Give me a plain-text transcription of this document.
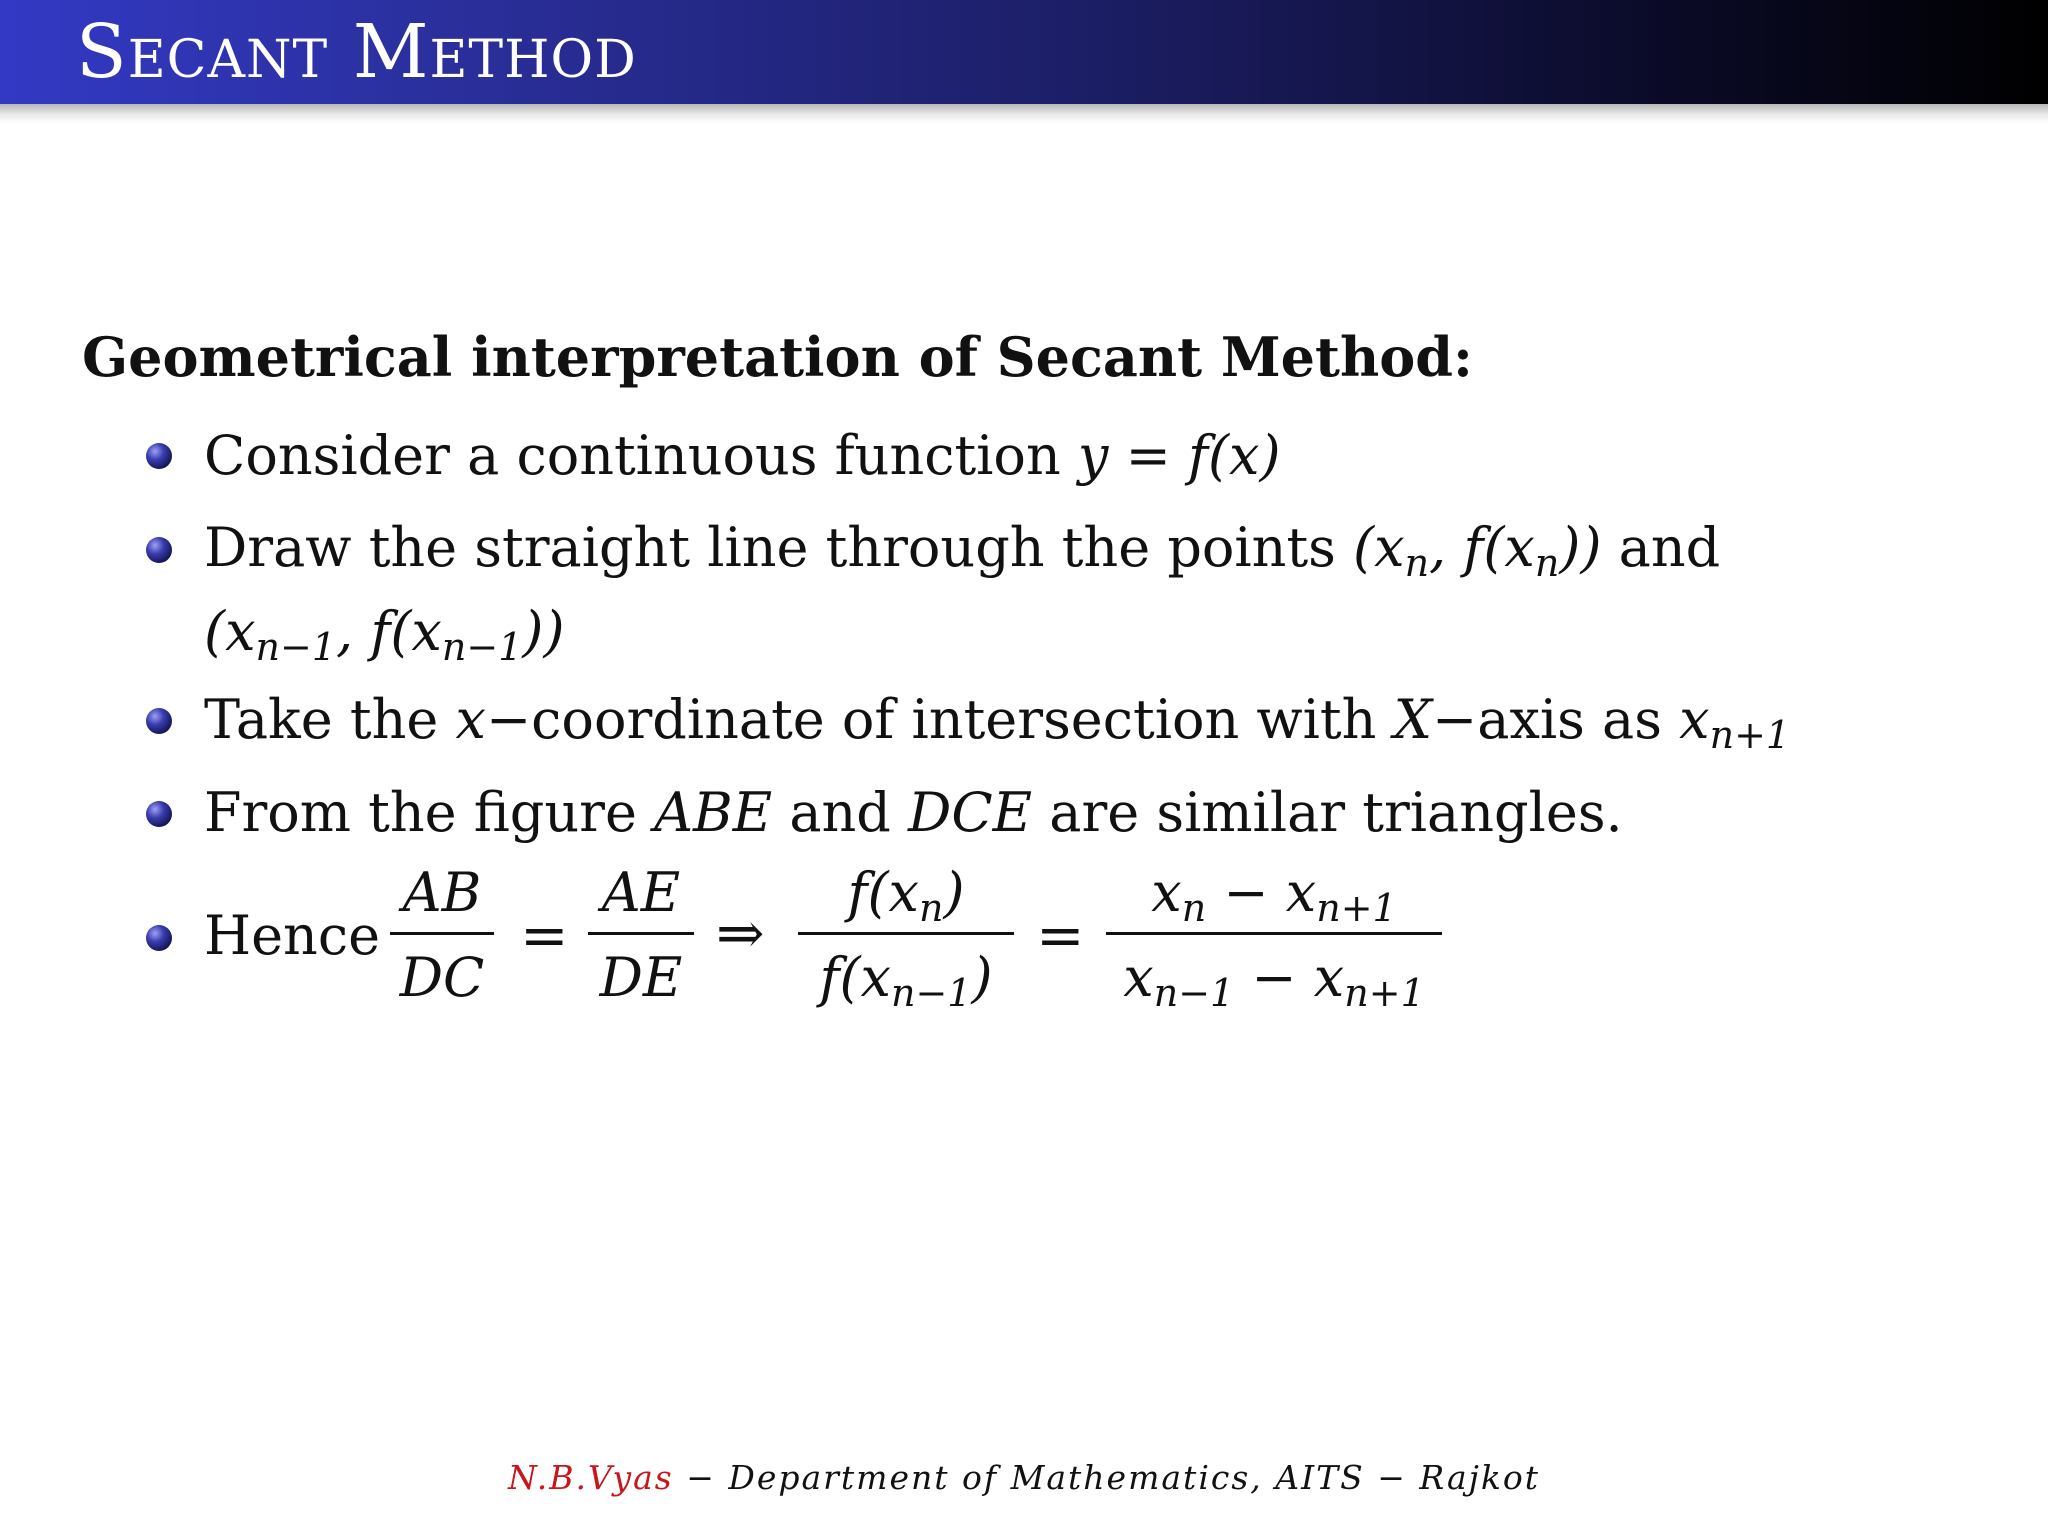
Secant Method
Geometrical interpretation of Secant Method:
Consider a continuous function y = f(x)
Draw the straight line through the points ($x_n$, $f(x_n)$) and
($x_{n-1}$, $f(x_{n-1})$)
Take the x−coordinate of intersection with X−axis as $x_{n+1}$
From the figure ABE and DCE are similar triangles.
Hence
AB
DC
=
AE
DE
⇒
$f(x_n)$
$f(x_{n-1})$
=
$x_n - x_{n+1}$
$x_{n-1} - x_{n+1}$
N.B.Vyas − Department of Mathematics, AITS − Rajkot
